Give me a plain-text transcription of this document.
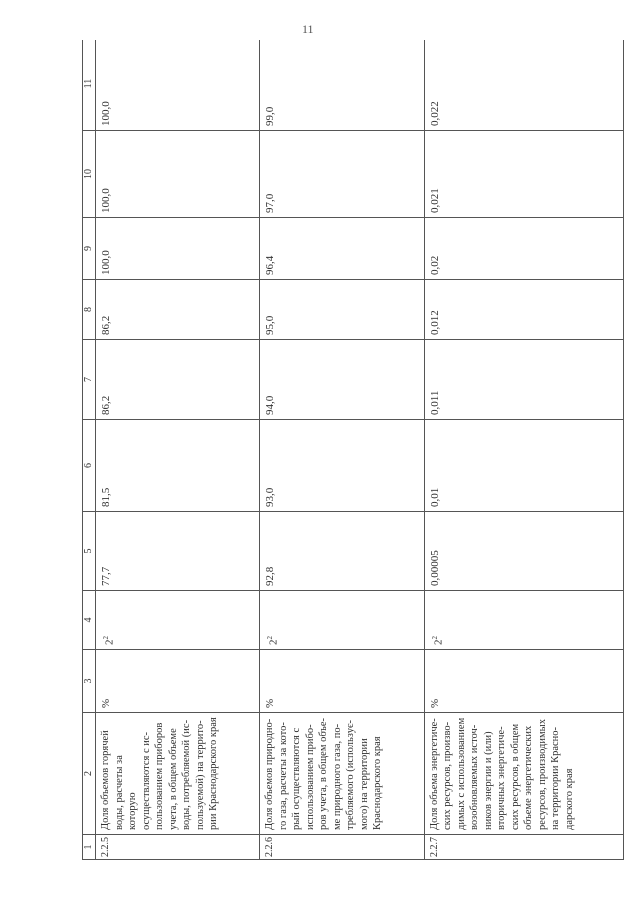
11
1	2	3	4	5	6	7	8	9	10	11
2.2.5	Доля объемов горячей воды, расчеты за которую осуществляются с ис-пользованием приборов учета, в общем объеме воды, потребляемой (ис-пользуемой) на террито-рии Краснодарского края	%	$2^2$	77,7	81,5	86,2	86,2	100,0	100,0	100,0
2.2.6	Доля объемов природно-го газа, расчеты за кото-рый осуществляются с использованием прибо-ров учета, в общем объе-ме природного газа, по-требляемого (использує-мого) на территории Краснодарского края	%	$2^2$	92,8	93,0	94,0	95,0	96,4	97,0	99,0
2.2.7	Доля объема энергетиче-ских ресурсов, произво-димых с использованием возобновляемых источ-ников энергии и (или) вторичных энергетиче-ских ресурсов, в общем объеме энергетических ресурсов, производимых на территории Красно-дарского края	%	$2^2$	0,00005	0,01	0,011	0,012	0,02	0,021	0,022
